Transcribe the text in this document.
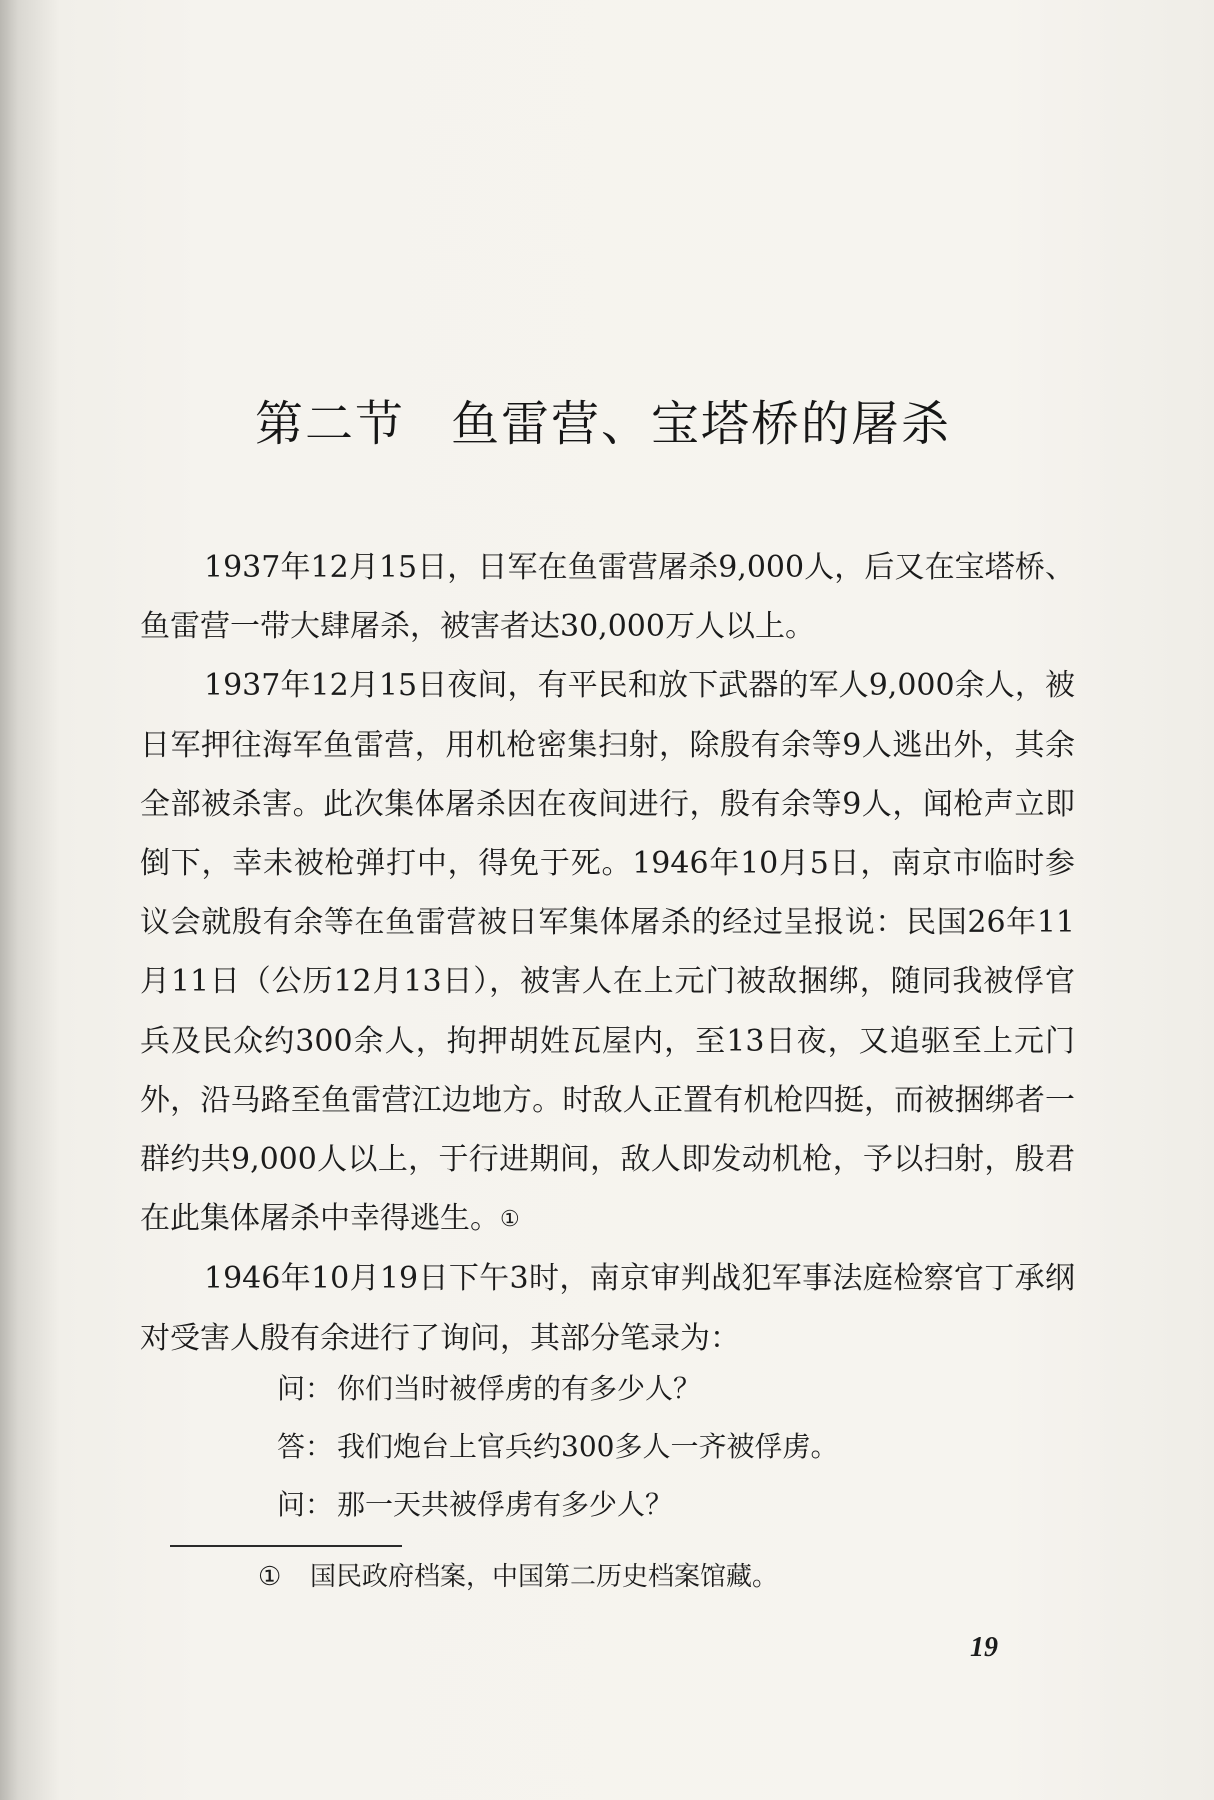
第二节 鱼雷营、宝塔桥的屠杀

1937年12月15日，日军在鱼雷营屠杀9,000人，后又在宝塔桥、鱼雷营一带大肆屠杀，被害者达30,000万人以上。

1937年12月15日夜间，有平民和放下武器的军人9,000余人，被日军押往海军鱼雷营，用机枪密集扫射，除殷有余等9人逃出外，其余全部被杀害。此次集体屠杀因在夜间进行，殷有余等9人，闻枪声立即倒下，幸未被枪弹打中，得免于死。1946年10月5日，南京市临时参议会就殷有余等在鱼雷营被日军集体屠杀的经过呈报说：民国26年11月11日（公历12月13日），被害人在上元门被敌捆绑，随同我被俘官兵及民众约300余人，拘押胡姓瓦屋内，至13日夜，又追驱至上元门外，沿马路至鱼雷营江边地方。时敌人正置有机枪四挺，而被捆绑者一群约共9,000人以上，于行进期间，敌人即发动机枪，予以扫射，殷君在此集体屠杀中幸得逃生。①

1946年10月19日下午3时，南京审判战犯军事法庭检察官丁承纲对受害人殷有余进行了询问，其部分笔录为：

问： 你们当时被俘虏的有多少人？
答： 我们炮台上官兵约300多人一齐被俘虏。
问： 那一天共被俘虏有多少人？
① 国民政府档案，中国第二历史档案馆藏。
19
